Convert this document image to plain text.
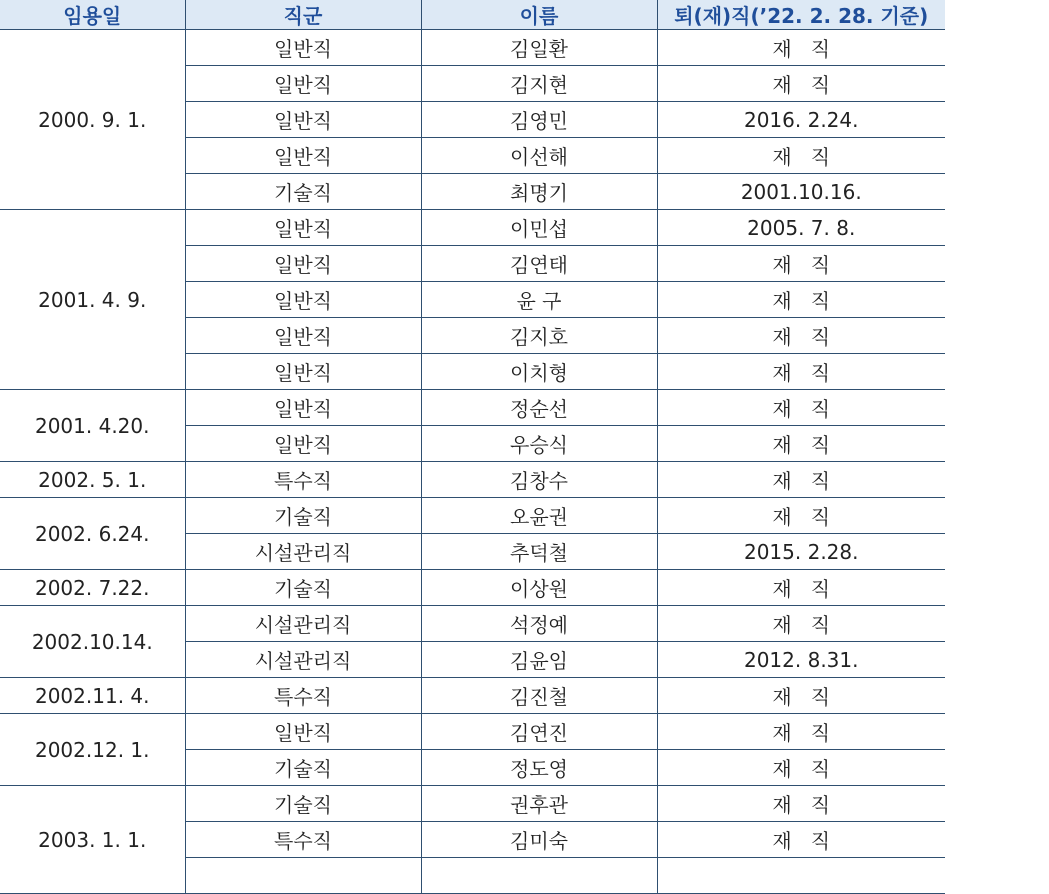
임용일	직군	이름	퇴(재)직(’22. 2. 28. 기준)
2000. 9. 1.	일반직	김일환	재   직
	일반직	김지현	재   직
	일반직	김영민	2016. 2.24.
	일반직	이선해	재   직
	기술직	최명기	2001.10.16.
2001. 4. 9.	일반직	이민섭	2005. 7. 8.
	일반직	김연태	재   직
	일반직	윤 구	재   직
	일반직	김지호	재   직
	일반직	이치형	재   직
2001. 4.20.	일반직	정순선	재   직
	일반직	우승식	재   직
2002. 5. 1.	특수직	김창수	재   직
2002. 6.24.	기술직	오윤권	재   직
	시설관리직	추덕철	2015. 2.28.
2002. 7.22.	기술직	이상원	재   직
2002.10.14.	시설관리직	석정예	재   직
	시설관리직	김윤임	2012. 8.31.
2002.11. 4.	특수직	김진철	재   직
2002.12. 1.	일반직	김연진	재   직
	기술직	정도영	재   직
2003. 1. 1.	기술직	권후관	재   직
	특수직	김미숙	재   직
